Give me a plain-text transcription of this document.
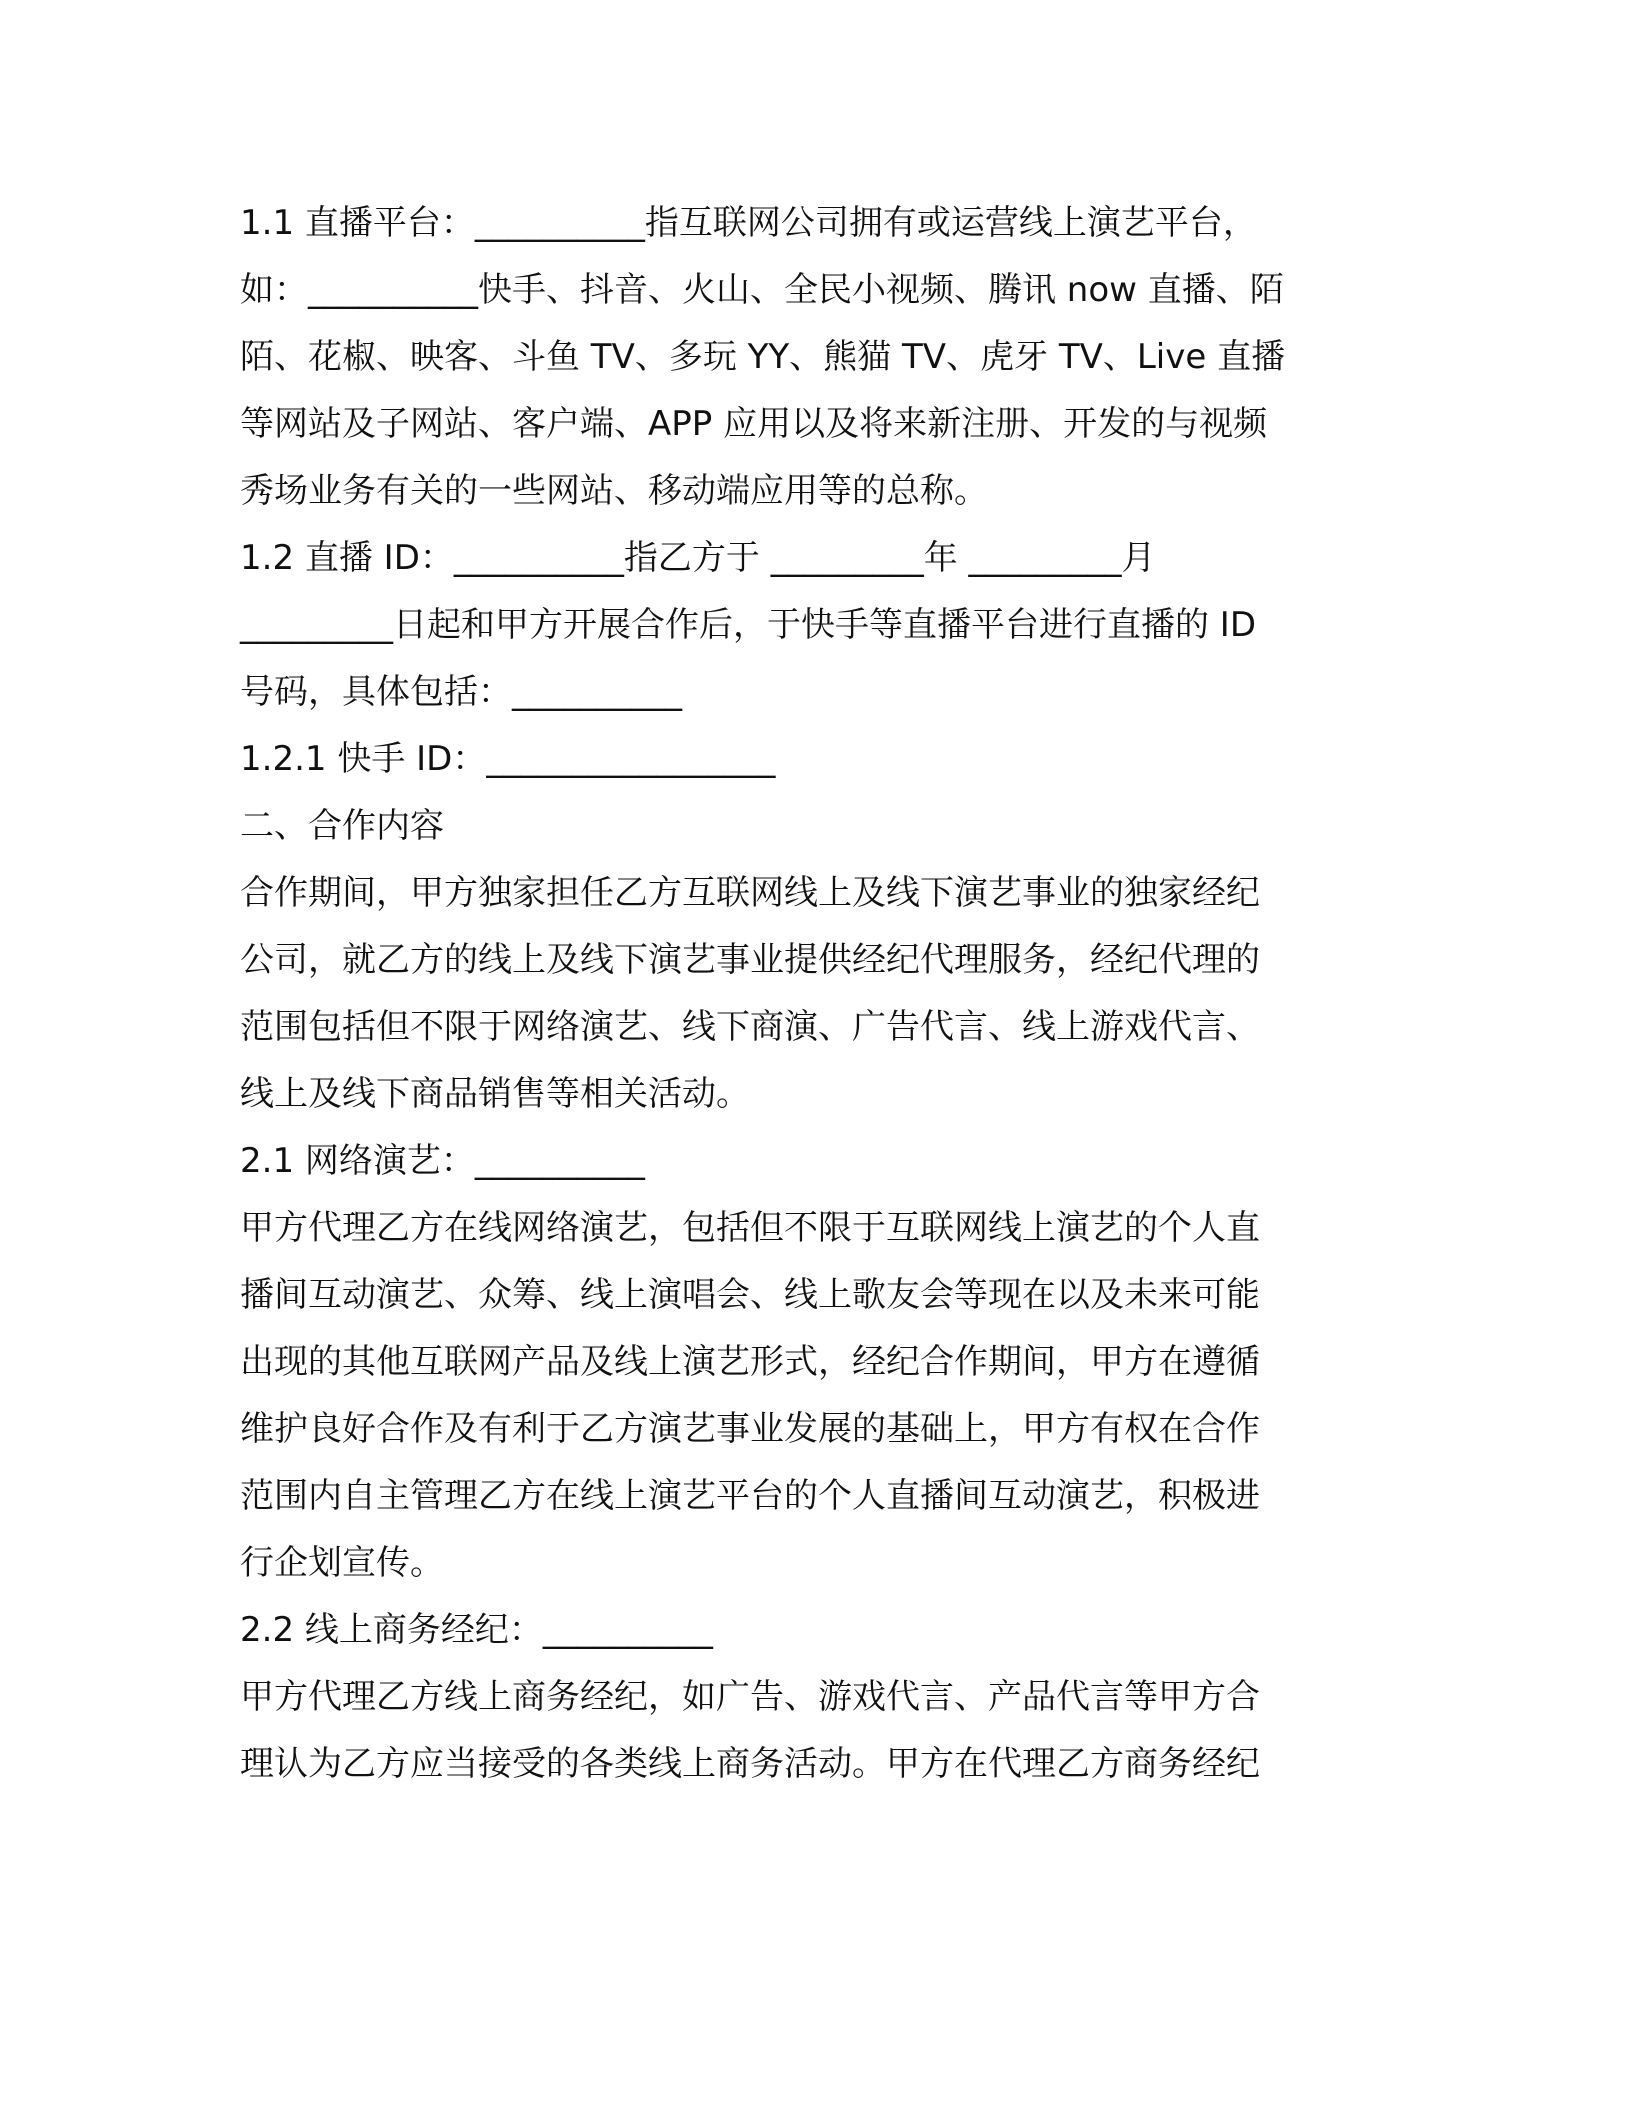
1.1 直播平台：__________指互联网公司拥有或运营线上演艺平台，
如：__________快手、抖音、火山、全民小视频、腾讯 now 直播、陌
陌、花椒、映客、斗鱼 TV、多玩 YY、熊猫 TV、虎牙 TV、Live 直播
等网站及子网站、客户端、APP 应用以及将来新注册、开发的与视频
秀场业务有关的一些网站、移动端应用等的总称。
1.2 直播 ID：__________指乙方于 _________年 _________月
_________日起和甲方开展合作后，于快手等直播平台进行直播的 ID
号码，具体包括：__________
1.2.1 快手 ID：_________________
二、合作内容
合作期间，甲方独家担任乙方互联网线上及线下演艺事业的独家经纪
公司，就乙方的线上及线下演艺事业提供经纪代理服务，经纪代理的
范围包括但不限于网络演艺、线下商演、广告代言、线上游戏代言、
线上及线下商品销售等相关活动。
2.1 网络演艺：__________
甲方代理乙方在线网络演艺，包括但不限于互联网线上演艺的个人直
播间互动演艺、众筹、线上演唱会、线上歌友会等现在以及未来可能
出现的其他互联网产品及线上演艺形式，经纪合作期间，甲方在遵循
维护良好合作及有利于乙方演艺事业发展的基础上，甲方有权在合作
范围内自主管理乙方在线上演艺平台的个人直播间互动演艺，积极进
行企划宣传。
2.2 线上商务经纪：__________
甲方代理乙方线上商务经纪，如广告、游戏代言、产品代言等甲方合
理认为乙方应当接受的各类线上商务活动。甲方在代理乙方商务经纪
